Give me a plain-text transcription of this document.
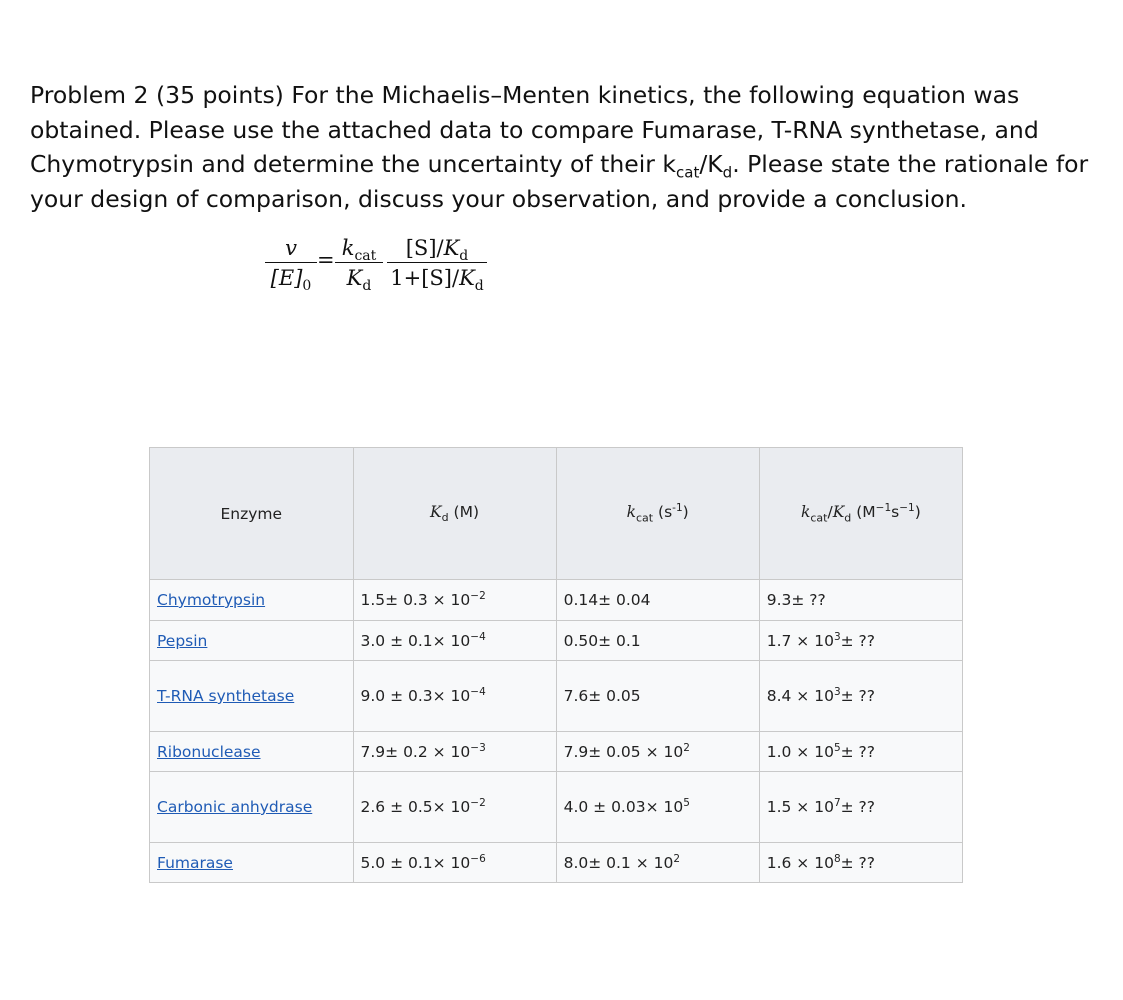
Problem 2 (35 points) For the Michaelis–Menten kinetics, the following equation was obtained. Please use the attached data to compare Fumarase, T-RNA synthetase, and Chymotrypsin and determine the uncertainty of their $k_{cat}/K_d$. Please state the rationale for your design of comparison, discuss your observation, and provide a conclusion.
v
$[E]_0$
= $k_{cat}$
$K_d$
$[S]/K_d$
$1+[S]/K_d$
Enzyme	$K_d$ (M)	$k_{cat}$ $(s^{-1})$	$k_{cat}/K_d$ $(M^{-1}s^{-1})$
Chymotrypsin	$1.5\pm 0.3 \times 10^{-2}$	0.14± 0.04	9.3± ??
Pepsin	$3.0 \pm 0.1\times 10^{-4}$	0.50± 0.1	$1.7 \times 10^3\pm$ ??
T-RNA synthetase	$9.0 \pm 0.3\times 10^{-4}$	7.6± 0.05	$8.4 \times 10^3\pm$ ??
Ribonuclease	$7.9\pm 0.2 \times 10^{-3}$	$7.9\pm 0.05 \times 10^2$	$1.0 \times 10^5\pm$ ??
Carbonic anhydrase	$2.6 \pm 0.5\times 10^{-2}$	$4.0 \pm 0.03\times 10^5$	$1.5 \times 10^7\pm$ ??
Fumarase	$5.0 \pm 0.1\times 10^{-6}$	$8.0\pm 0.1 \times 10^2$	$1.6 \times 10^8\pm$ ??
